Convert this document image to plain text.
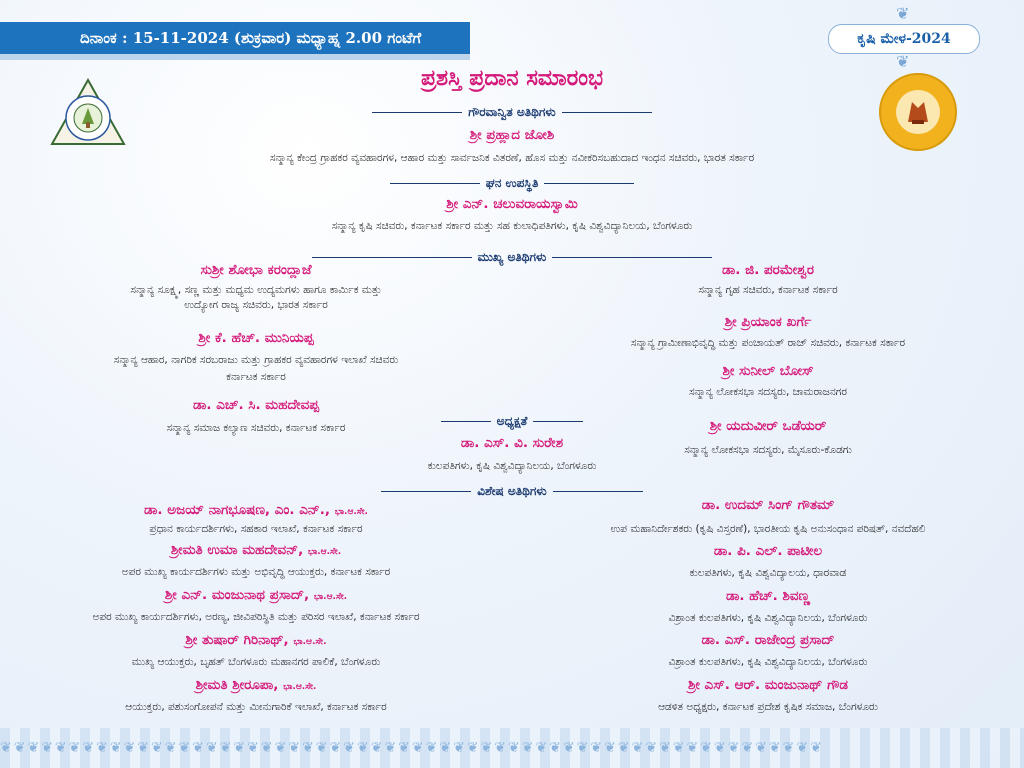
ದಿನಾಂಕ : 15-11-2024 (ಶುಕ್ರವಾರ) ಮಧ್ಯಾಹ್ನ 2.00 ಗಂಟೆಗೆ
❦
ಕೃಷಿ ಮೇಳ-2024
❦
ಪ್ರಶಸ್ತಿ ಪ್ರದಾನ ಸಮಾರಂಭ
ಗೌರವಾನ್ವಿತ ಅತಿಥಿಗಳು
ಶ್ರೀ ಪ್ರಹ್ಲಾದ ಜೋಶಿ
ಸನ್ಮಾನ್ಯ ಕೇಂದ್ರ ಗ್ರಾಹಕರ ವ್ಯವಹಾರಗಳ, ಆಹಾರ ಮತ್ತು ಸಾರ್ವಜನಿಕ ವಿತರಣೆ, ಹೊಸ ಮತ್ತು ನವೀಕರಿಸಬಹುದಾದ ಇಂಧನ ಸಚಿವರು, ಭಾರತ ಸರ್ಕಾರ
ಘನ ಉಪಸ್ಥಿತಿ
ಶ್ರೀ ಎನ್. ಚಲುವರಾಯಸ್ವಾಮಿ
ಸನ್ಮಾನ್ಯ ಕೃಷಿ ಸಚಿವರು, ಕರ್ನಾಟಕ ಸರ್ಕಾರ ಮತ್ತು ಸಹ ಕುಲಾಧಿಪತಿಗಳು, ಕೃಷಿ ವಿಶ್ವವಿದ್ಯಾನಿಲಯ, ಬೆಂಗಳೂರು
ಮುಖ್ಯ ಅತಿಥಿಗಳು
ಸುಶ್ರೀ ಶೋಭಾ ಕರಂದ್ಲಾಜೆ
ಸನ್ಮಾನ್ಯ ಸೂಕ್ಷ್ಮ, ಸಣ್ಣ ಮತ್ತು ಮಧ್ಯಮ ಉದ್ಯಮಗಳು ಹಾಗೂ ಕಾರ್ಮಿಕ ಮತ್ತು
ಉದ್ಯೋಗ ರಾಜ್ಯ ಸಚಿವರು, ಭಾರತ ಸರ್ಕಾರ
ಶ್ರೀ ಕೆ. ಹೆಚ್. ಮುನಿಯಪ್ಪ
ಸನ್ಮಾನ್ಯ ಆಹಾರ, ನಾಗರಿಕ ಸರಬರಾಜು ಮತ್ತು ಗ್ರಾಹಕರ ವ್ಯವಹಾರಗಳ ಇಲಾಖೆ ಸಚಿವರು
ಕರ್ನಾಟಕ ಸರ್ಕಾರ
ಡಾ. ಎಚ್. ಸಿ. ಮಹದೇವಪ್ಪ
ಸನ್ಮಾನ್ಯ ಸಮಾಜ ಕಲ್ಯಾಣ ಸಚಿವರು, ಕರ್ನಾಟಕ ಸರ್ಕಾರ
ಡಾ. ಜಿ. ಪರಮೇಶ್ವರ
ಸನ್ಮಾನ್ಯ ಗೃಹ ಸಚಿವರು, ಕರ್ನಾಟಕ ಸರ್ಕಾರ
ಶ್ರೀ ಪ್ರಿಯಾಂಕ ಖರ್ಗೆ
ಸನ್ಮಾನ್ಯ ಗ್ರಾಮೀಣಾಭಿವೃದ್ಧಿ ಮತ್ತು ಪಂಚಾಯತ್ ರಾಜ್ ಸಚಿವರು, ಕರ್ನಾಟಕ ಸರ್ಕಾರ
ಶ್ರೀ ಸುನೀಲ್ ಬೋಸ್
ಸನ್ಮಾನ್ಯ ಲೋಕಸಭಾ ಸದಸ್ಯರು, ಚಾಮರಾಜನಗರ
ಶ್ರೀ ಯದುವೀರ್ ಒಡೆಯರ್
ಸನ್ಮಾನ್ಯ ಲೋಕಸಭಾ ಸದಸ್ಯರು, ಮೈಸೂರು-ಕೊಡಗು
ಅಧ್ಯಕ್ಷತೆ
ಡಾ. ಎಸ್. ವಿ. ಸುರೇಶ
ಕುಲಪತಿಗಳು, ಕೃಷಿ ವಿಶ್ವವಿದ್ಯಾನಿಲಯ, ಬೆಂಗಳೂರು
ವಿಶೇಷ ಅತಿಥಿಗಳು
ಡಾ. ಅಜಯ್ ನಾಗಭೂಷಣ, ಎಂ. ಎನ್., ಭಾ.ಆ.ಸೇ.
ಪ್ರಧಾನ ಕಾರ್ಯದರ್ಶಿಗಳು, ಸಹಕಾರ ಇಲಾಖೆ, ಕರ್ನಾಟಕ ಸರ್ಕಾರ
ಶ್ರೀಮತಿ ಉಮಾ ಮಹದೇವನ್, ಭಾ.ಆ.ಸೇ.
ಅಪರ ಮುಖ್ಯ ಕಾರ್ಯದರ್ಶಿಗಳು ಮತ್ತು ಅಭಿವೃದ್ಧಿ ಆಯುಕ್ತರು, ಕರ್ನಾಟಕ ಸರ್ಕಾರ
ಶ್ರೀ ಎನ್. ಮಂಜುನಾಥ ಪ್ರಸಾದ್, ಭಾ.ಆ.ಸೇ.
ಅಪರ ಮುಖ್ಯ ಕಾರ್ಯದರ್ಶಿಗಳು, ಅರಣ್ಯ, ಜೀವಿಪರಿಸ್ಥಿತಿ ಮತ್ತು ಪರಿಸರ ಇಲಾಖೆ, ಕರ್ನಾಟಕ ಸರ್ಕಾರ
ಶ್ರೀ ತುಷಾರ್ ಗಿರಿನಾಥ್, ಭಾ.ಆ.ಸೇ.
ಮುಖ್ಯ ಆಯುಕ್ತರು, ಬೃಹತ್ ಬೆಂಗಳೂರು ಮಹಾನಗರ ಪಾಲಿಕೆ, ಬೆಂಗಳೂರು
ಶ್ರೀಮತಿ ಶ್ರೀರೂಪಾ, ಭಾ.ಆ.ಸೇ.
ಆಯುಕ್ತರು, ಪಶುಸಂಗೋಪನೆ ಮತ್ತು ಮೀನುಗಾರಿಕೆ ಇಲಾಖೆ, ಕರ್ನಾಟಕ ಸರ್ಕಾರ
ಡಾ. ಉದಮ್ ಸಿಂಗ್ ಗೌತಮ್
ಉಪ ಮಹಾನಿರ್ದೇಶಕರು (ಕೃಷಿ ವಿಸ್ತರಣೆ), ಭಾರತೀಯ ಕೃಷಿ ಅನುಸಂಧಾನ ಪರಿಷತ್, ನವದೆಹಲಿ
ಡಾ. ಪಿ. ಎಲ್. ಪಾಟೀಲ
ಕುಲಪತಿಗಳು, ಕೃಷಿ ವಿಶ್ವವಿದ್ಯಾಲಯ, ಧಾರವಾಡ
ಡಾ. ಹೆಚ್. ಶಿವಣ್ಣ
ವಿಶ್ರಾಂತ ಕುಲಪತಿಗಳು, ಕೃಷಿ ವಿಶ್ವವಿದ್ಯಾನಿಲಯ, ಬೆಂಗಳೂರು
ಡಾ. ಎಸ್. ರಾಜೇಂದ್ರ ಪ್ರಸಾದ್
ವಿಶ್ರಾಂತ ಕುಲಪತಿಗಳು, ಕೃಷಿ ವಿಶ್ವವಿದ್ಯಾನಿಲಯ, ಬೆಂಗಳೂರು
ಶ್ರೀ ಎಸ್. ಆರ್. ಮಂಜುನಾಥ್ ಗೌಡ
ಆಡಳಿತ ಅಧ್ಯಕ್ಷರು, ಕರ್ನಾಟಕ ಪ್ರದೇಶ ಕೃಷಿಕ ಸಮಾಜ, ಬೆಂಗಳೂರು
❦❦❦❦❦❦❦❦❦❦❦❦❦❦❦❦❦❦❦❦❦❦❦❦❦❦❦❦❦❦❦❦❦❦❦❦❦❦❦❦❦❦❦❦❦❦❦❦❦❦❦❦❦❦❦❦❦❦❦❦
